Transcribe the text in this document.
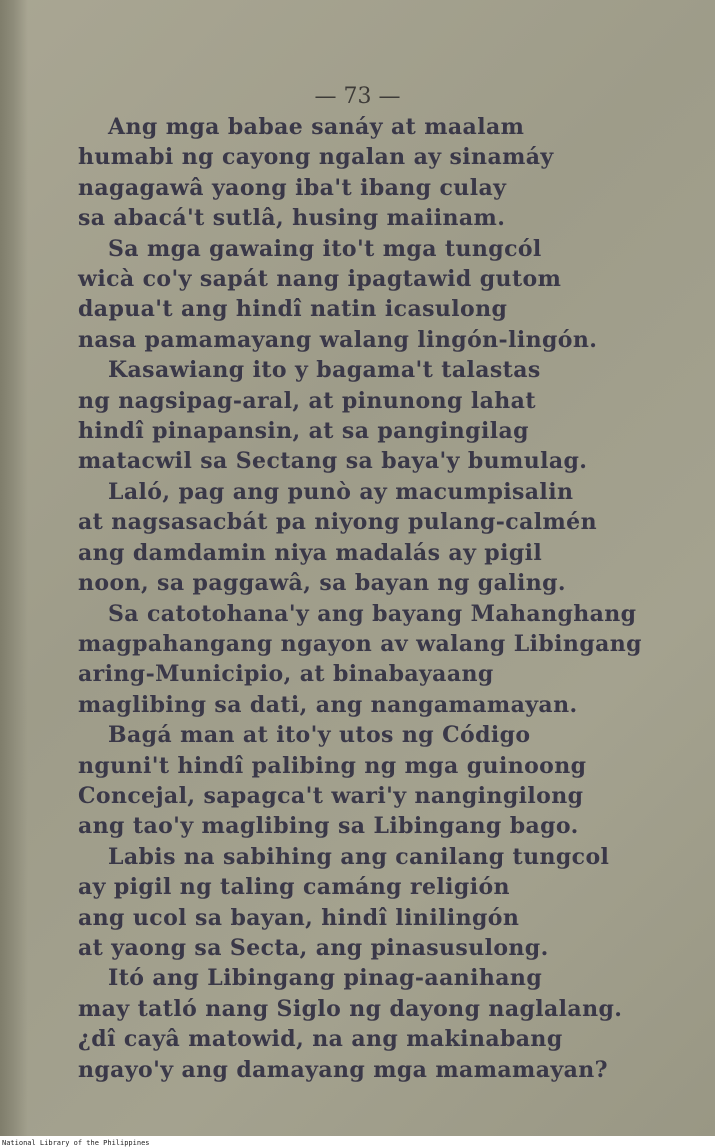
— 73 —
Ang mga babae sanáy at maalam
humabi ng cayong ngalan ay sinamáy
nagagawâ yaong iba't ibang culay
sa abacá't sutlâ, husing maiinam.
Sa mga gawaing ito't mga tungcól
wicà co'y sapát nang ipagtawid gutom
dapua't ang hindî natin icasulong
nasa pamamayang walang lingón-lingón.
Kasawiang ito y bagama't talastas
ng nagsipag-aral, at pinunong lahat
hindî pinapansin, at sa pangingilag
matacwil sa Sectang sa baya'y bumulag.
Laló, pag ang punò ay macumpisalin
at nagsasacbát pa niyong pulang-calmén
ang damdamin niya madalás ay pigil
noon, sa paggawâ, sa bayan ng galing.
Sa catotohana'y ang bayang Mahanghang
magpahangang ngayon av walang Libingang
aring-Municipio, at binabayaang
maglibing sa dati, ang nangamamayan.
Bagá man at ito'y utos ng Código
nguni't hindî palibing ng mga guinoong
Concejal, sapagca't wari'y nangingilong
ang tao'y maglibing sa Libingang bago.
Labis na sabihing ang canilang tungcol
ay pigil ng taling camáng religión
ang ucol sa bayan, hindî linilingón
at yaong sa Secta, ang pinasusulong.
Itó ang Libingang pinag-aanihang
may tatló nang Siglo ng dayong naglalang.
¿dî cayâ matowid, na ang makinabang
ngayo'y ang damayang mga mamamayan?
National Library of the Philippines
